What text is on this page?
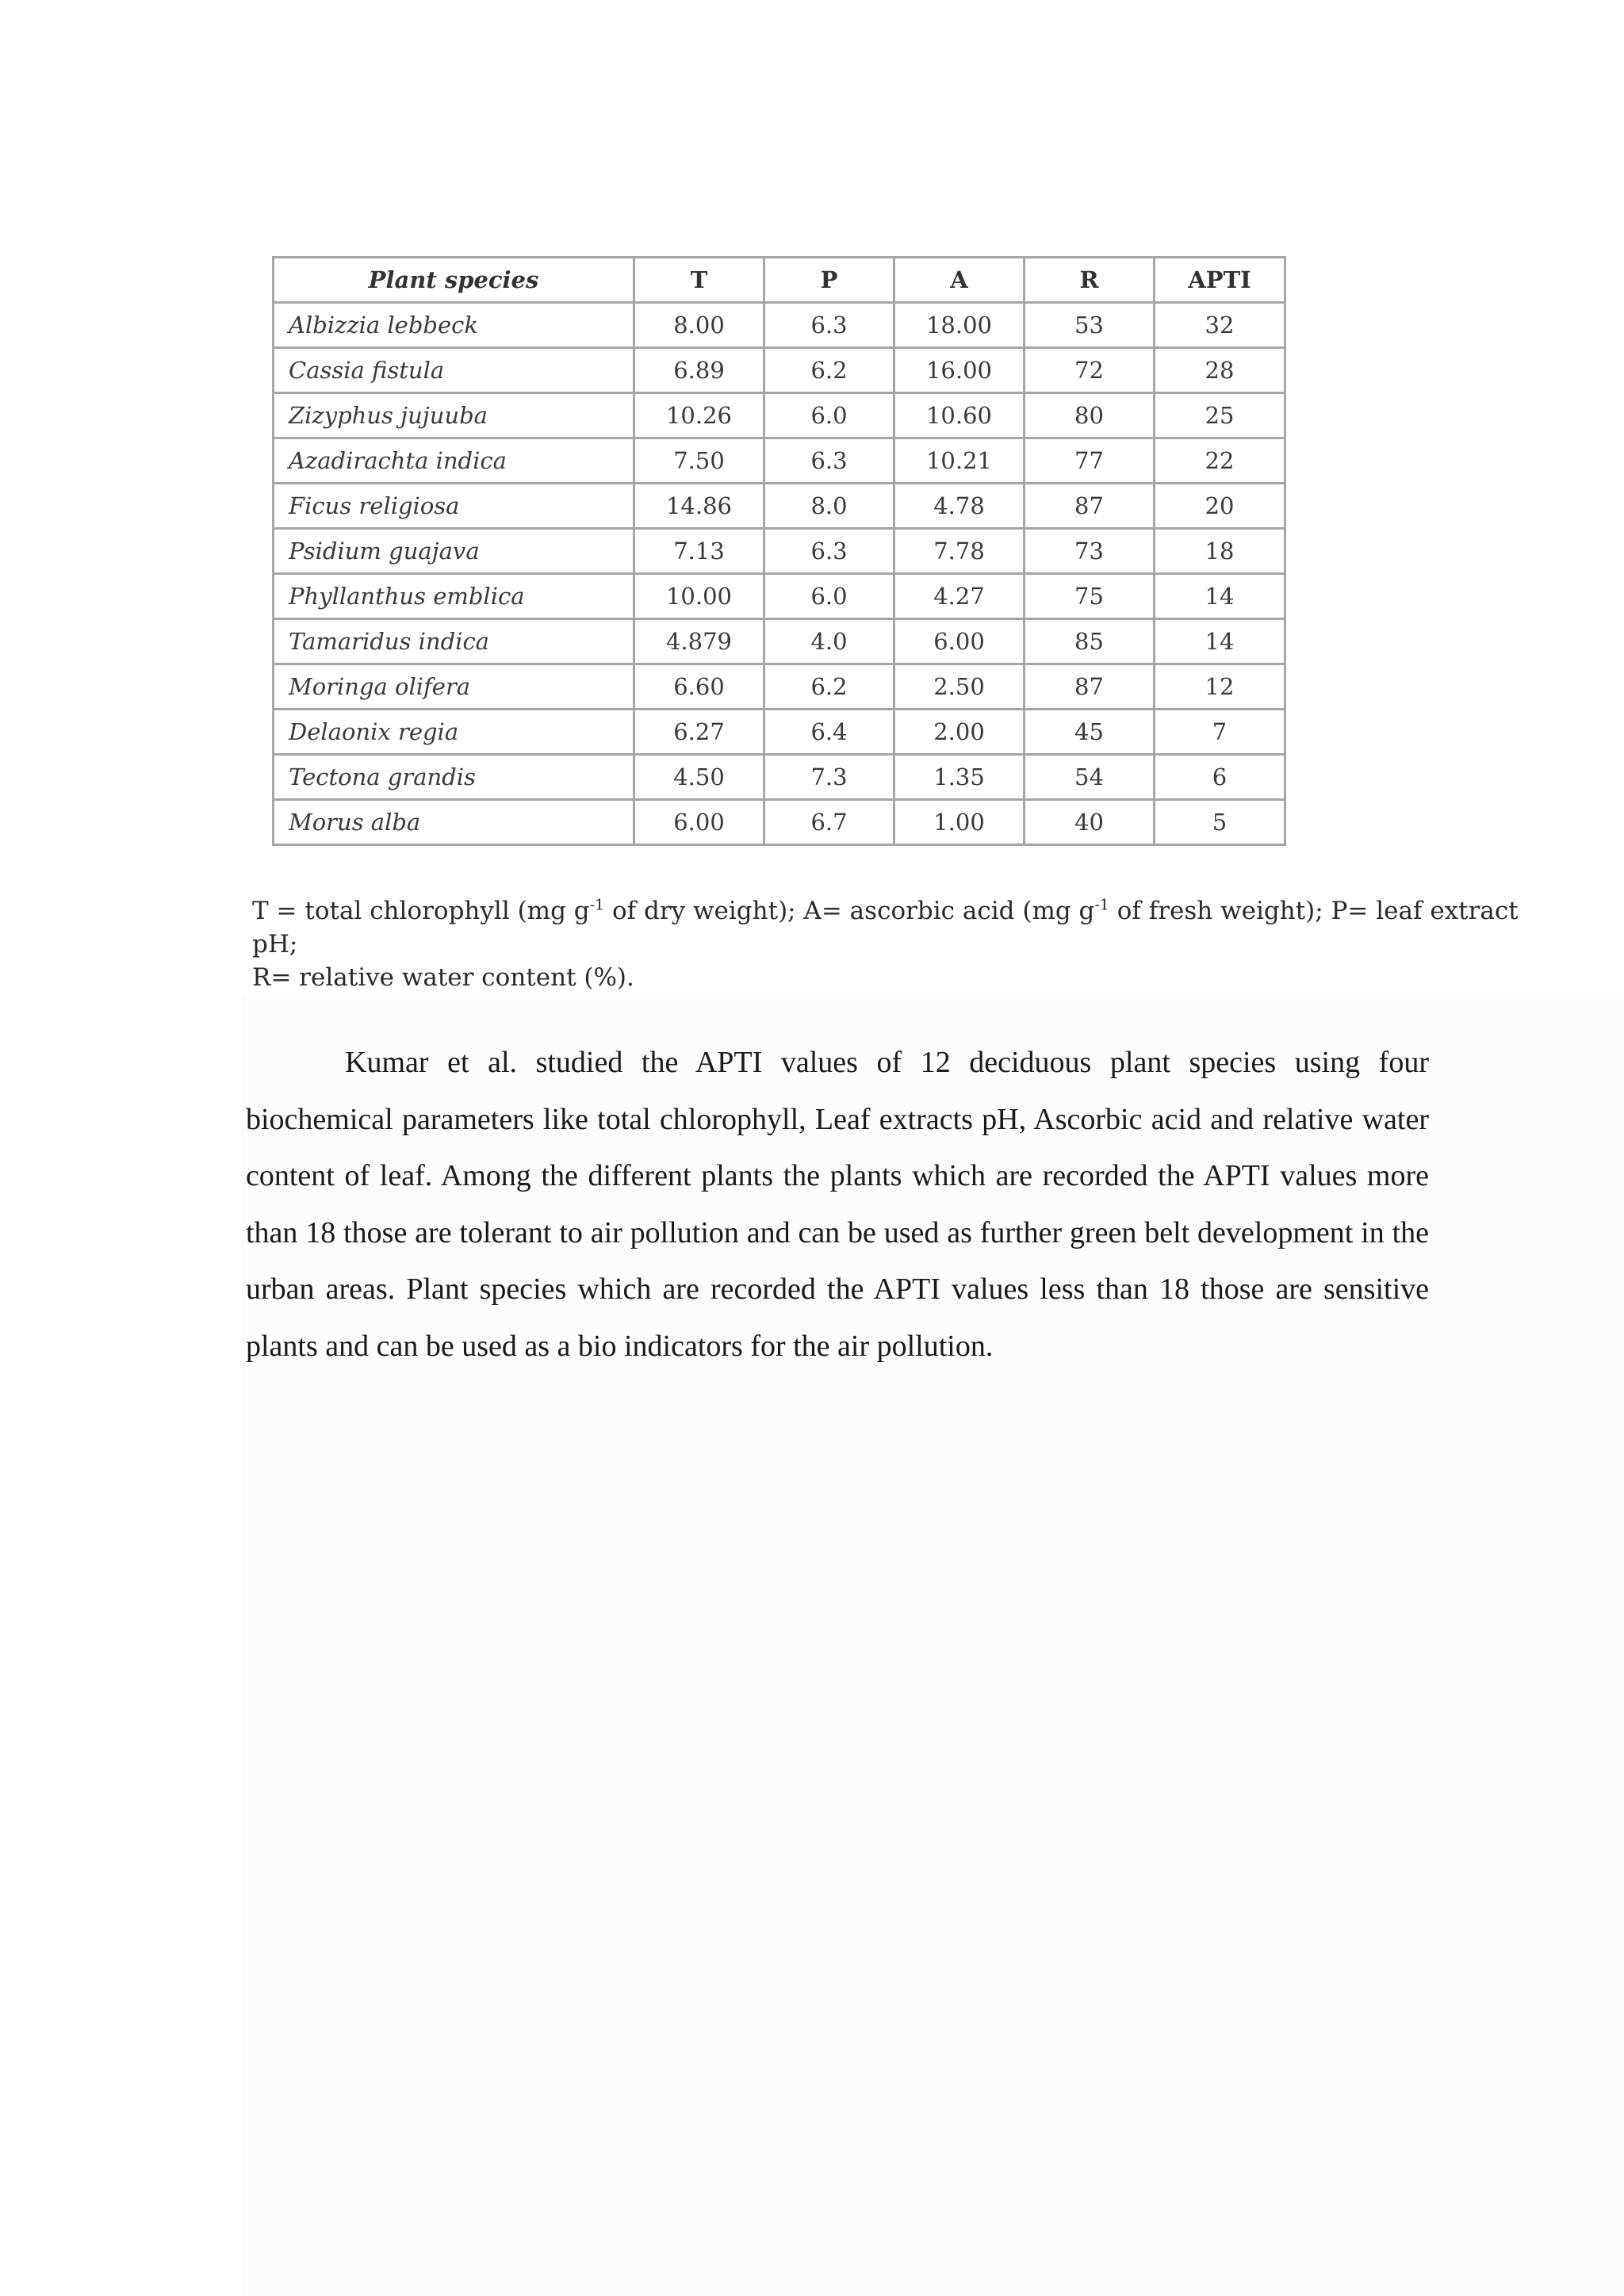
Plant species	T	P	A	R	APTI
Albizzia lebbeck	8.00	6.3	18.00	53	32
Cassia fistula	6.89	6.2	16.00	72	28
Zizyphus jujuuba	10.26	6.0	10.60	80	25
Azadirachta indica	7.50	6.3	10.21	77	22
Ficus religiosa	14.86	8.0	4.78	87	20
Psidium guajava	7.13	6.3	7.78	73	18
Phyllanthus emblica	10.00	6.0	4.27	75	14
Tamaridus indica	4.879	4.0	6.00	85	14
Moringa olifera	6.60	6.2	2.50	87	12
Delaonix regia	6.27	6.4	2.00	45	7
Tectona grandis	4.50	7.3	1.35	54	6
Morus alba	6.00	6.7	1.00	40	5
T = total chlorophyll (mg $g^{-1}$ of dry weight); A= ascorbic acid (mg $g^{-1}$ of fresh weight); P= leaf extract pH;
R= relative water content (%).

Kumar et al. studied the APTI values of 12 deciduous plant species using four biochemical parameters like total chlorophyll, Leaf extracts pH, Ascorbic acid and relative water content of leaf. Among the different plants the plants which are recorded the APTI values more than 18 those are tolerant to air pollution and can be used as further green belt development in the urban areas. Plant species which are recorded the APTI values less than 18 those are sensitive plants and can be used as a bio indicators for the air pollution.
